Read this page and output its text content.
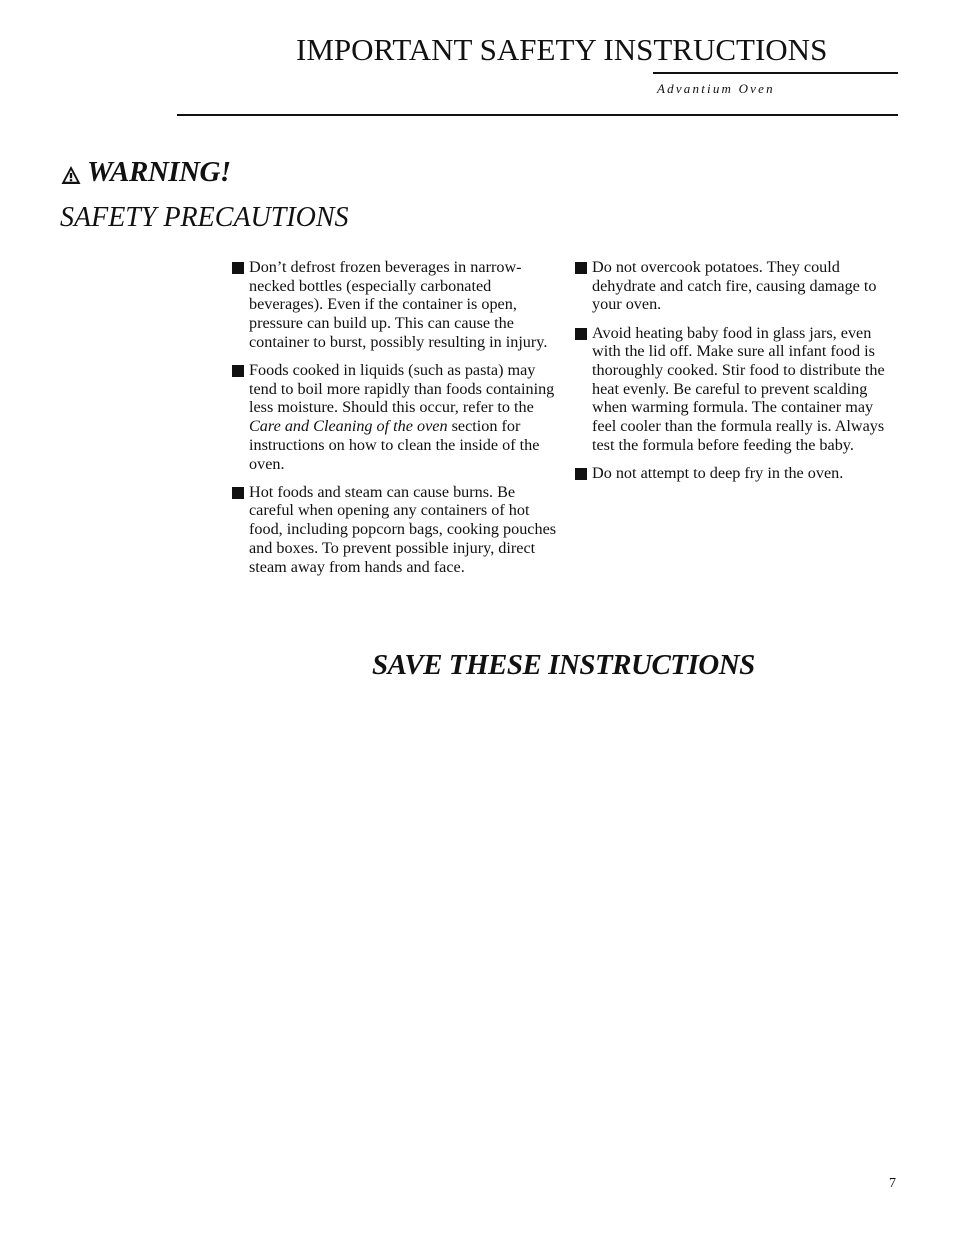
IMPORTANT SAFETY INSTRUCTIONS
Advantium Oven
WARNING!
SAFETY PRECAUTIONS
Don’t defrost frozen beverages in narrow-necked bottles (especially carbonated beverages). Even if the container is open, pressure can build up. This can cause the container to burst, possibly resulting in injury.
Foods cooked in liquids (such as pasta) may tend to boil more rapidly than foods containing less moisture. Should this occur, refer to the Care and Cleaning of the oven section for instructions on how to clean the inside of the oven.
Hot foods and steam can cause burns. Be careful when opening any containers of hot food, including popcorn bags, cooking pouches and boxes. To prevent possible injury, direct steam away from hands and face.
Do not overcook potatoes. They could dehydrate and catch fire, causing damage to your oven.
Avoid heating baby food in glass jars, even with the lid off. Make sure all infant food is thoroughly cooked. Stir food to distribute the heat evenly. Be careful to prevent scalding when warming formula. The container may feel cooler than the formula really is. Always test the formula before feeding the baby.
Do not attempt to deep fry in the oven.
SAVE THESE INSTRUCTIONS
7
